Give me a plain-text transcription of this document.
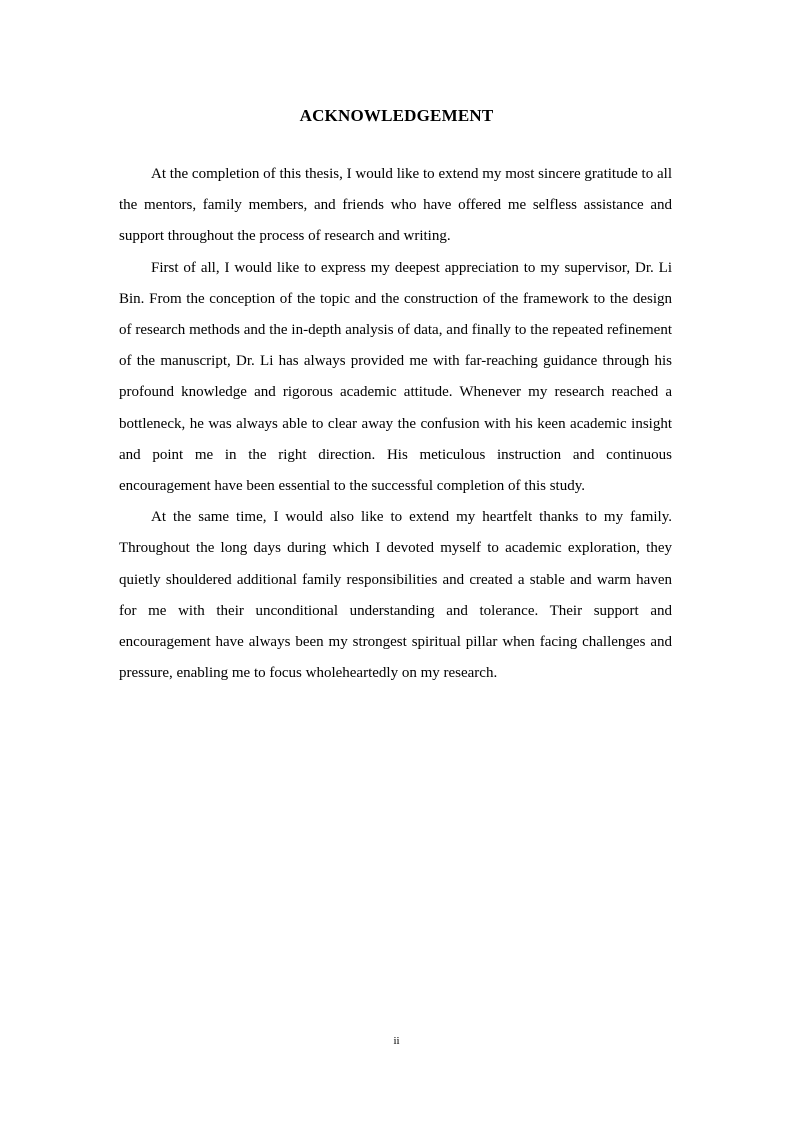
ACKNOWLEDGEMENT

At the completion of this thesis, I would like to extend my most sincere gratitude to all the mentors, family members, and friends who have offered me selfless assistance and support throughout the process of research and writing.

First of all, I would like to express my deepest appreciation to my supervisor, Dr. Li Bin. From the conception of the topic and the construction of the framework to the design of research methods and the in-depth analysis of data, and finally to the repeated refinement of the manuscript, Dr. Li has always provided me with far-reaching guidance through his profound knowledge and rigorous academic attitude. Whenever my research reached a bottleneck, he was always able to clear away the confusion with his keen academic insight and point me in the right direction. His meticulous instruction and continuous encouragement have been essential to the successful completion of this study.

At the same time, I would also like to extend my heartfelt thanks to my family. Throughout the long days during which I devoted myself to academic exploration, they quietly shouldered additional family responsibilities and created a stable and warm haven for me with their unconditional understanding and tolerance. Their support and encouragement have always been my strongest spiritual pillar when facing challenges and pressure, enabling me to focus wholeheartedly on my research.

ii
